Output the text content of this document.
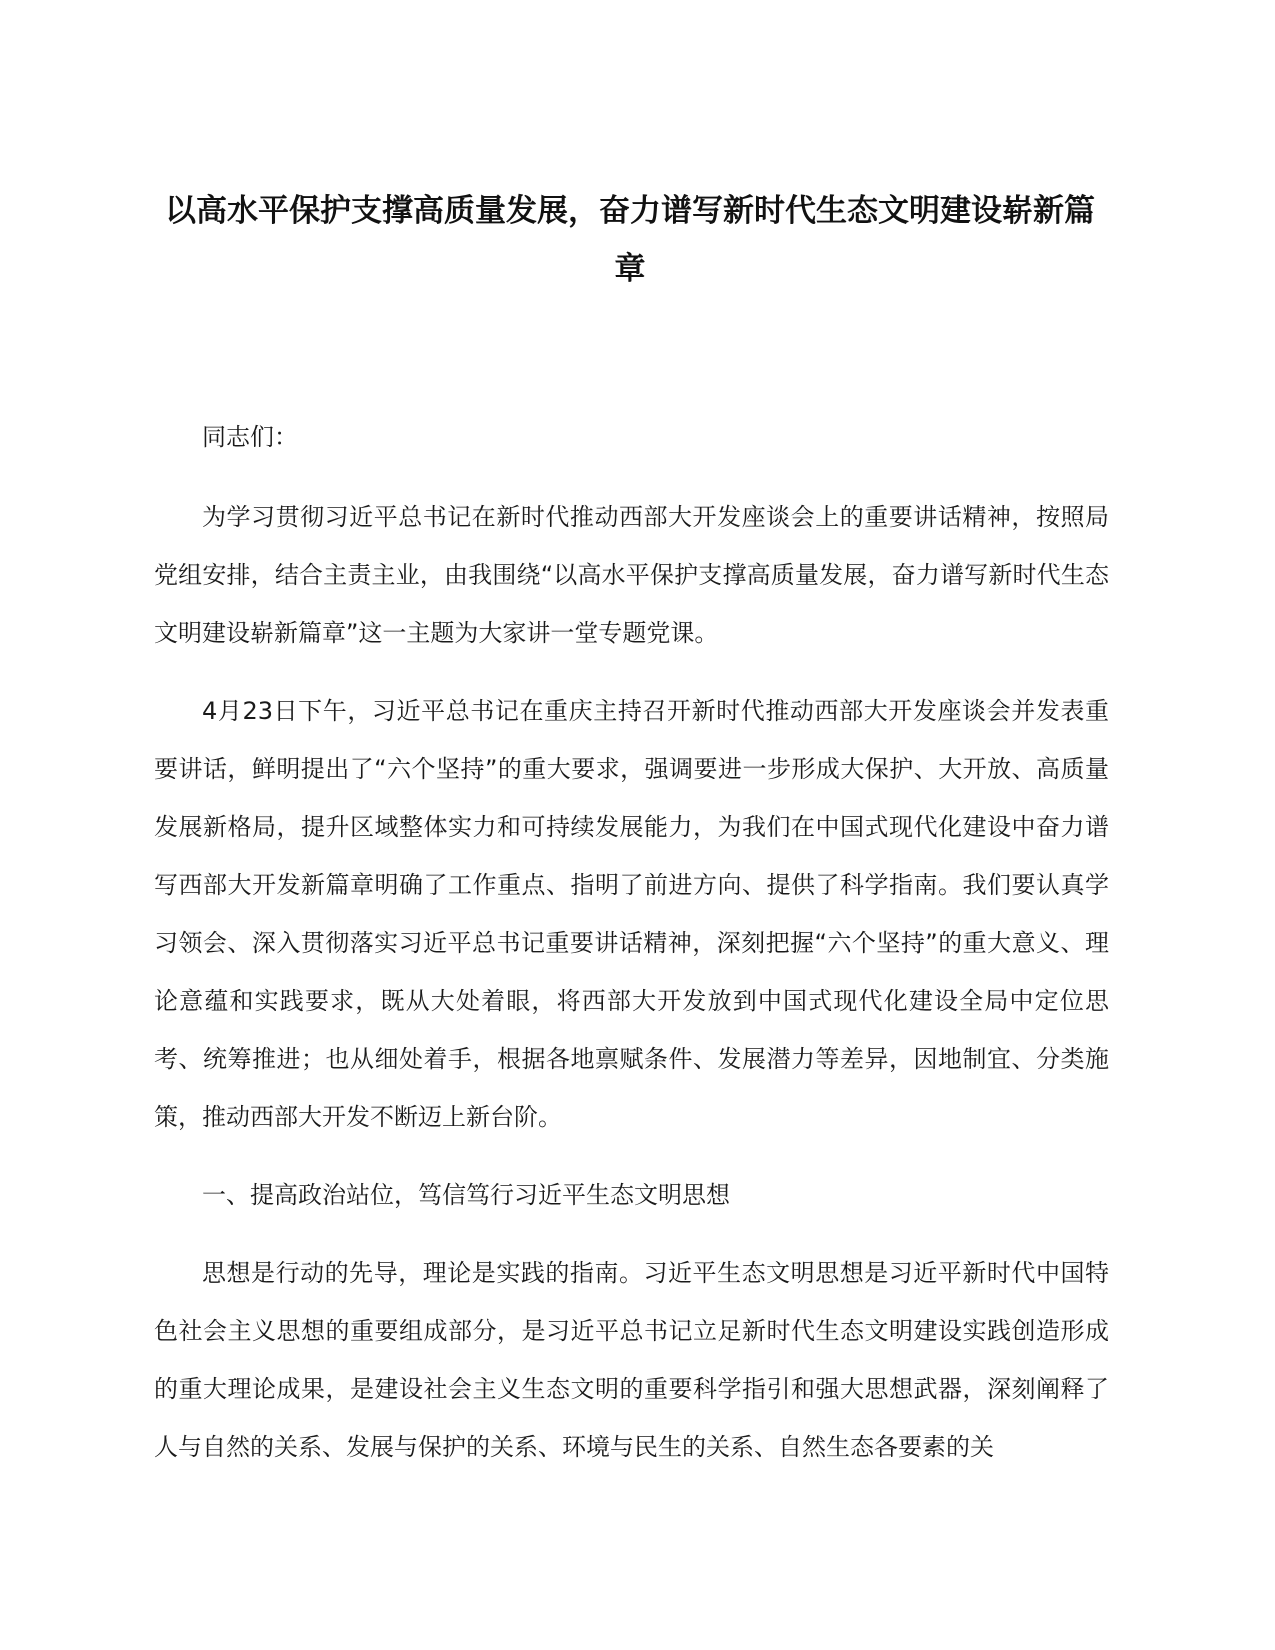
以高水平保护支撑高质量发展，奋力谱写新时代生态文明建设崭新篇章

同志们：

为学习贯彻习近平总书记在新时代推动西部大开发座谈会上的重要讲话精神，按照局党组安排，结合主责主业，由我围绕“以高水平保护支撑高质量发展，奋力谱写新时代生态文明建设崭新篇章”这一主题为大家讲一堂专题党课。

4月23日下午，习近平总书记在重庆主持召开新时代推动西部大开发座谈会并发表重要讲话，鲜明提出了“六个坚持”的重大要求，强调要进一步形成大保护、大开放、高质量发展新格局，提升区域整体实力和可持续发展能力，为我们在中国式现代化建设中奋力谱写西部大开发新篇章明确了工作重点、指明了前进方向、提供了科学指南。我们要认真学习领会、深入贯彻落实习近平总书记重要讲话精神，深刻把握“六个坚持”的重大意义、理论意蕴和实践要求，既从大处着眼，将西部大开发放到中国式现代化建设全局中定位思考、统筹推进；也从细处着手，根据各地禀赋条件、发展潜力等差异，因地制宜、分类施策，推动西部大开发不断迈上新台阶。

一、提高政治站位，笃信笃行习近平生态文明思想

思想是行动的先导，理论是实践的指南。习近平生态文明思想是习近平新时代中国特色社会主义思想的重要组成部分，是习近平总书记立足新时代生态文明建设实践创造形成的重大理论成果，是建设社会主义生态文明的重要科学指引和强大思想武器，深刻阐释了人与自然的关系、发展与保护的关系、环境与民生的关系、自然生态各要素的关
